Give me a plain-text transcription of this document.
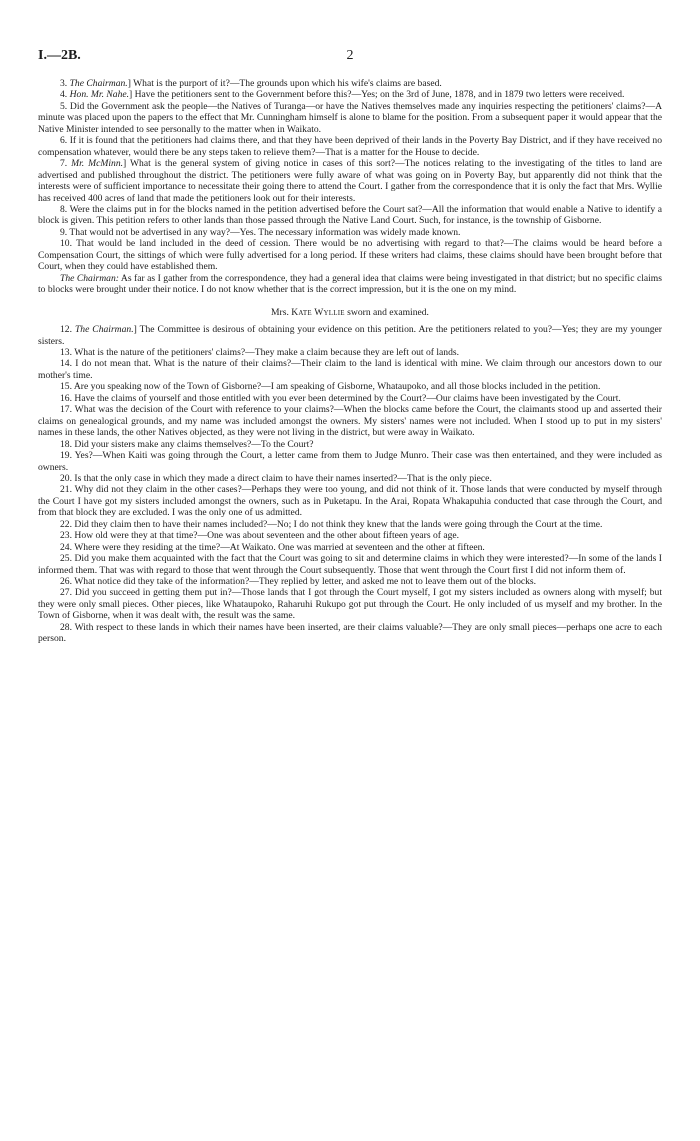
I.—2B.	2

3. The Chairman.] What is the purport of it?—The grounds upon which his wife's claims are based.

4. Hon. Mr. Nahe.] Have the petitioners sent to the Government before this?—Yes; on the 3rd of June, 1878, and in 1879 two letters were received.

5. Did the Government ask the people—the Natives of Turanga—or have the Natives themselves made any inquiries respecting the petitioners' claims?—A minute was placed upon the papers to the effect that Mr. Cunningham himself is alone to blame for the position. From a subsequent paper it would appear that the Native Minister intended to see personally to the matter when in Waikato.

6. If it is found that the petitioners had claims there, and that they have been deprived of their lands in the Poverty Bay District, and if they have received no compensation whatever, would there be any steps taken to relieve them?—That is a matter for the House to decide.

7. Mr. McMinn.] What is the general system of giving notice in cases of this sort?—The notices relating to the investigating of the titles to land are advertised and published throughout the district. The petitioners were fully aware of what was going on in Poverty Bay, but apparently did not think that the interests were of sufficient importance to necessitate their going there to attend the Court. I gather from the correspondence that it is only the fact that Mrs. Wyllie has received 400 acres of land that made the petitioners look out for their interests.

8. Were the claims put in for the blocks named in the petition advertised before the Court sat?—All the information that would enable a Native to identify a block is given. This petition refers to other lands than those passed through the Native Land Court. Such, for instance, is the township of Gisborne.

9. That would not be advertised in any way?—Yes. The necessary information was widely made known.

10. That would be land included in the deed of cession. There would be no advertising with regard to that?—The claims would be heard before a Compensation Court, the sittings of which were fully advertised for a long period. If these writers had claims, these claims should have been brought before that Court, when they could have established them.

The Chairman: As far as I gather from the correspondence, they had a general idea that claims were being investigated in that district; but no specific claims to blocks were brought under their notice. I do not know whether that is the correct impression, but it is the one on my mind.

Mrs. Kate Wyllie sworn and examined.

12. The Chairman.] The Committee is desirous of obtaining your evidence on this petition. Are the petitioners related to you?—Yes; they are my younger sisters.

13. What is the nature of the petitioners' claims?—They make a claim because they are left out of lands.

14. I do not mean that. What is the nature of their claims?—Their claim to the land is identical with mine. We claim through our ancestors down to our mother's time.

15. Are you speaking now of the Town of Gisborne?—I am speaking of Gisborne, Whataupoko, and all those blocks included in the petition.

16. Have the claims of yourself and those entitled with you ever been determined by the Court?—Our claims have been investigated by the Court.

17. What was the decision of the Court with reference to your claims?—When the blocks came before the Court, the claimants stood up and asserted their claims on genealogical grounds, and my name was included amongst the owners. My sisters' names were not included. When I stood up to put in my sisters' names in these lands, the other Natives objected, as they were not living in the district, but were away in Waikato.

18. Did your sisters make any claims themselves?—To the Court?

19. Yes?—When Kaiti was going through the Court, a letter came from them to Judge Munro. Their case was then entertained, and they were included as owners.

20. Is that the only case in which they made a direct claim to have their names inserted?—That is the only piece.

21. Why did not they claim in the other cases?—Perhaps they were too young, and did not think of it. Those lands that were conducted by myself through the Court I have got my sisters included amongst the owners, such as in Puketapu. In the Arai, Ropata Whakapuhia conducted that case through the Court, and from that block they are excluded. I was the only one of us admitted.

22. Did they claim then to have their names included?—No; I do not think they knew that the lands were going through the Court at the time.

23. How old were they at that time?—One was about seventeen and the other about fifteen years of age.

24. Where were they residing at the time?—At Waikato. One was married at seventeen and the other at fifteen.

25. Did you make them acquainted with the fact that the Court was going to sit and determine claims in which they were interested?—In some of the lands I informed them. That was with regard to those that went through the Court subsequently. Those that went through the Court first I did not inform them of.

26. What notice did they take of the information?—They replied by letter, and asked me not to leave them out of the blocks.

27. Did you succeed in getting them put in?—Those lands that I got through the Court myself, I got my sisters included as owners along with myself; but they were only small pieces. Other pieces, like Whataupoko, Raharuhi Rukupo got put through the Court. He only included of us myself and my brother. In the Town of Gisborne, when it was dealt with, the result was the same.

28. With respect to these lands in which their names have been inserted, are their claims valuable?—They are only small pieces—perhaps one acre to each person.
